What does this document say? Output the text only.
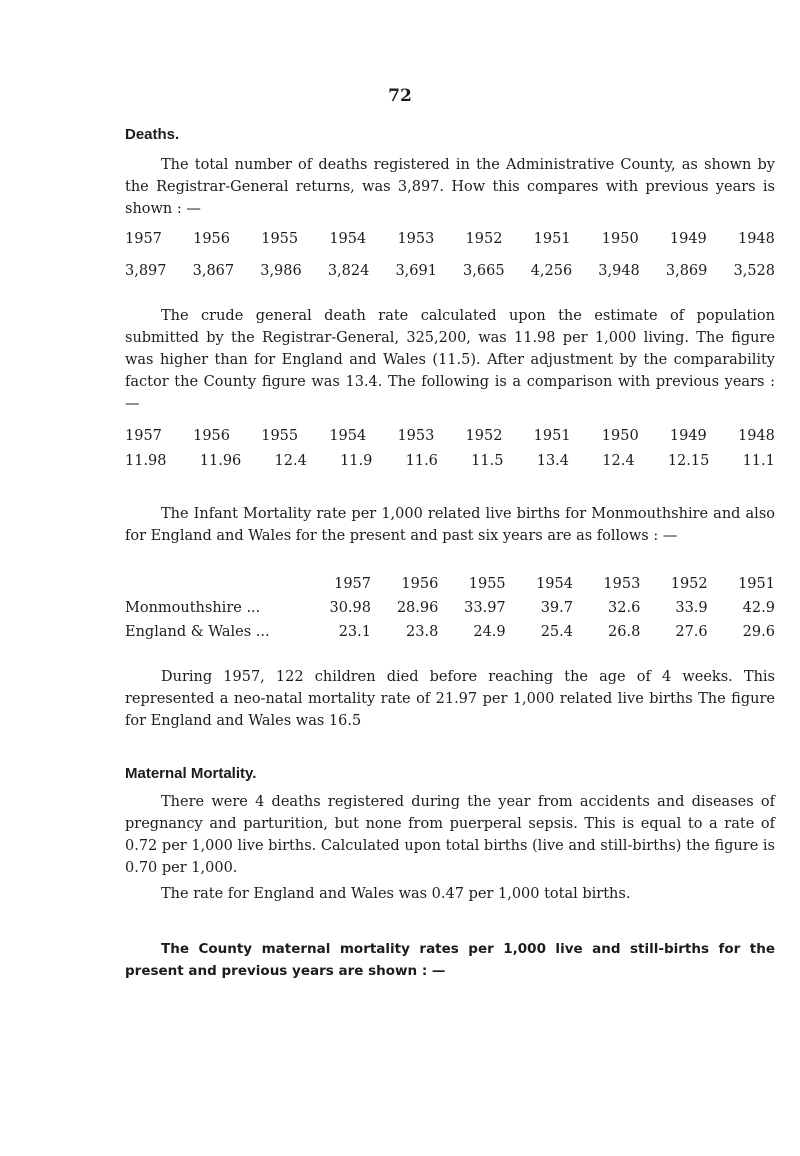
72
Deaths.

The total number of deaths registered in the Administrative County, as shown by the Registrar-General returns, was 3,897. How this compares with previous years is shown : —

1957 1956 1955 1954 1953 1952 1951 1950 1949 1948
3,897 3,867 3,986 3,824 3,691 3,665 4,256 3,948 3,869 3,528

The crude general death rate calculated upon the estimate of population submitted by the Registrar-General, 325,200, was 11.98 per 1,000 living. The figure was higher than for England and Wales (11.5). After adjustment by the comparability factor the County figure was 13.4. The following is a comparison with previous years : —

1957 1956 1955 1954 1953 1952 1951 1950 1949 1948
11.98 11.96 12.4 11.9 11.6 11.5 13.4 12.4 12.15 11.1

The Infant Mortality rate per 1,000 related live births for Monmouthshire and also for England and Wales for the present and past six years are as follows : —

1957	1956	1955	1954	1953	1952	1951
Monmouthshire ...	30.98	28.96	33.97	39.7	32.6	33.9	42.9
England & Wales ...	23.1	23.8	24.9	25.4	26.8	27.6	29.6

During 1957, 122 children died before reaching the age of 4 weeks. This represented a neo-natal mortality rate of 21.97 per 1,000 related live births The figure for England and Wales was 16.5

Maternal Mortality.

There were 4 deaths registered during the year from accidents and diseases of pregnancy and parturition, but none from puerperal sepsis. This is equal to a rate of 0.72 per 1,000 live births. Calculated upon total births (live and still-births) the figure is 0.70 per 1,000.

The rate for England and Wales was 0.47 per 1,000 total births.

The County maternal mortality rates per 1,000 live and still-births for the present and previous years are shown : —
